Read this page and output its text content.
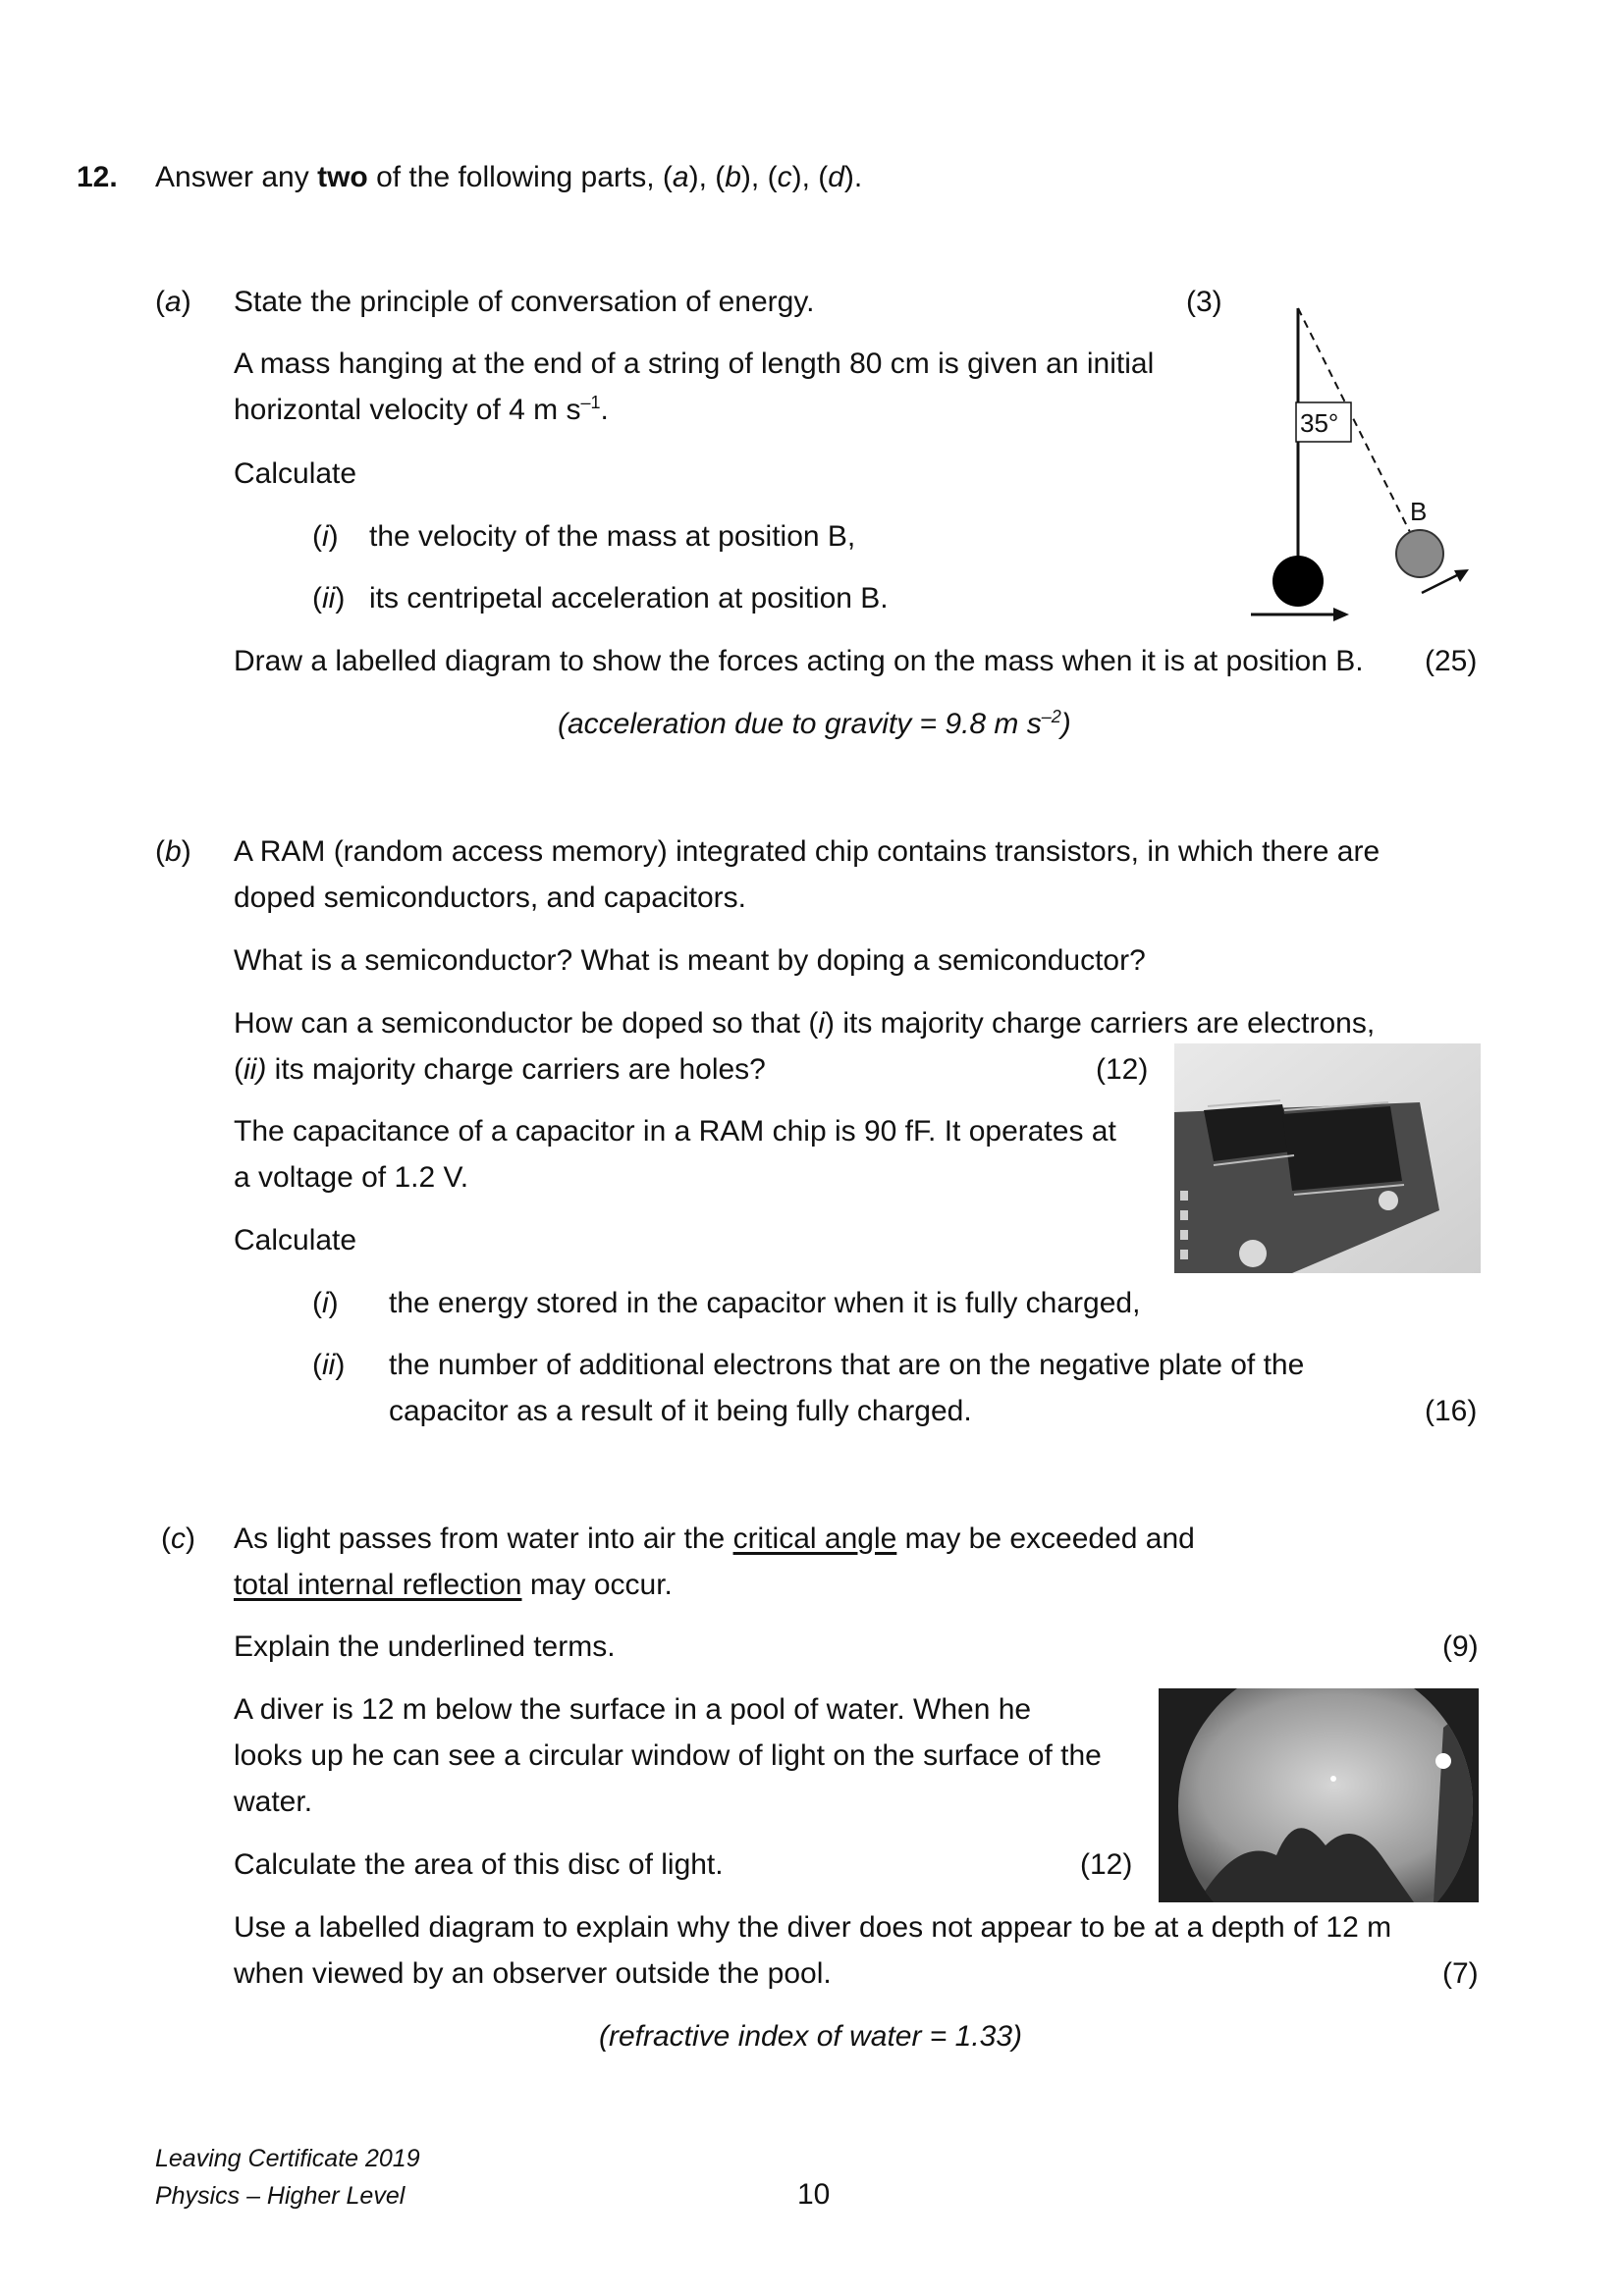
12. Answer any two of the following parts, (a), (b), (c), (d).
(a) State the principle of conversation of energy.	(3)
A mass hanging at the end of a string of length 80 cm is given an initial
horizontal velocity of 4 m $s^{-1}$.
Calculate
(i) the velocity of the mass at position B,
(ii) its centripetal acceleration at position B.
Draw a labelled diagram to show the forces acting on the mass when it is at position B. (25)
(acceleration due to gravity = 9.8 m $s^{-2}$)
35°
B
(b) A RAM (random access memory) integrated chip contains transistors, in which there are
doped semiconductors, and capacitors.
What is a semiconductor? What is meant by doping a semiconductor?
How can a semiconductor be doped so that (i) its majority charge carriers are electrons,
(ii) its majority charge carriers are holes?	(12)
The capacitance of a capacitor in a RAM chip is 90 fF. It operates at
a voltage of 1.2 V.
Calculate
(i) the energy stored in the capacitor when it is fully charged,
(ii) the number of additional electrons that are on the negative plate of the
capacitor as a result of it being fully charged.	(16)
(c) As light passes from water into air the critical angle may be exceeded and
total internal reflection may occur.
Explain the underlined terms.	(9)
A diver is 12 m below the surface in a pool of water. When he
looks up he can see a circular window of light on the surface of the
water.
Calculate the area of this disc of light.	(12)
Use a labelled diagram to explain why the diver does not appear to be at a depth of 12 m
when viewed by an observer outside the pool.	(7)
(refractive index of water = 1.33)
Leaving Certificate 2019
Physics – Higher Level	10
